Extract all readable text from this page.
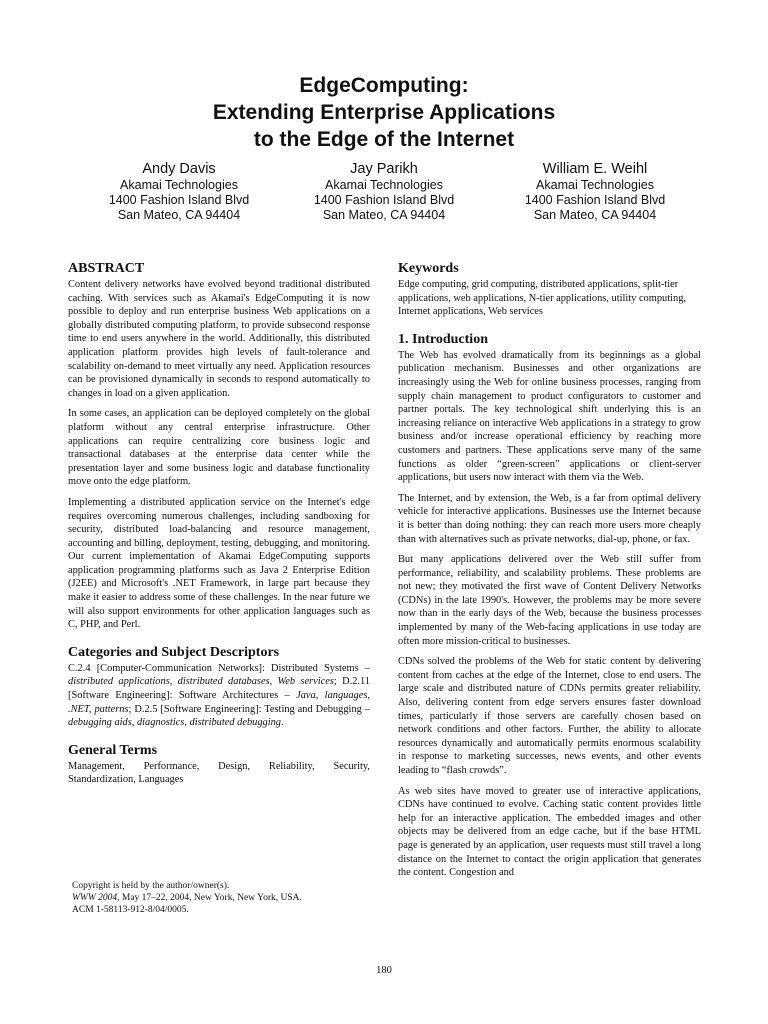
EdgeComputing:
Extending Enterprise Applications
to the Edge of the Internet
Andy Davis
Akamai Technologies
1400 Fashion Island Blvd
San Mateo, CA 94404
Jay Parikh
Akamai Technologies
1400 Fashion Island Blvd
San Mateo, CA 94404
William E. Weihl
Akamai Technologies
1400 Fashion Island Blvd
San Mateo, CA 94404
ABSTRACT

Content delivery networks have evolved beyond traditional distributed caching. With services such as Akamai's EdgeComputing it is now possible to deploy and run enterprise business Web applications on a globally distributed computing platform, to provide subsecond response time to end users anywhere in the world. Additionally, this distributed application platform provides high levels of fault-tolerance and scalability on-demand to meet virtually any need. Application resources can be provisioned dynamically in seconds to respond automatically to changes in load on a given application.

In some cases, an application can be deployed completely on the global platform without any central enterprise infrastructure. Other applications can require centralizing core business logic and transactional databases at the enterprise data center while the presentation layer and some business logic and database functionality move onto the edge platform.

Implementing a distributed application service on the Internet's edge requires overcoming numerous challenges, including sandboxing for security, distributed load-balancing and resource management, accounting and billing, deployment, testing, debugging, and monitoring. Our current implementation of Akamai EdgeComputing supports application programming platforms such as Java 2 Enterprise Edition (J2EE) and Microsoft's .NET Framework, in large part because they make it easier to address some of these challenges. In the near future we will also support environments for other application languages such as C, PHP, and Perl.

Categories and Subject Descriptors

C.2.4 [Computer-Communication Networks]: Distributed Systems – distributed applications, distributed databases, Web services; D.2.11 [Software Engineering]: Software Architectures – Java, languages, .NET, patterns; D.2.5 [Software Engineering]: Testing and Debugging – debugging aids, diagnostics, distributed debugging.

General Terms

Management, Performance, Design, Reliability, Security, Standardization, Languages

Copyright is held by the author/owner(s).
WWW 2004, May 17–22, 2004, New York, New York, USA.
ACM 1-58113-912-8/04/0005.
Keywords

Edge computing, grid computing, distributed applications, split-tier applications, web applications, N-tier applications, utility computing, Internet applications, Web services

1. Introduction

The Web has evolved dramatically from its beginnings as a global publication mechanism. Businesses and other organizations are increasingly using the Web for online business processes, ranging from supply chain management to product configurators to customer and partner portals. The key technological shift underlying this is an increasing reliance on interactive Web applications in a strategy to grow business and/or increase operational efficiency by reaching more customers and partners. These applications serve many of the same functions as older “green-screen” applications or client-server applications, but users now interact with them via the Web.

The Internet, and by extension, the Web, is a far from optimal delivery vehicle for interactive applications. Businesses use the Internet because it is better than doing nothing: they can reach more users more cheaply than with alternatives such as private networks, dial-up, phone, or fax.

But many applications delivered over the Web still suffer from performance, reliability, and scalability problems. These problems are not new; they motivated the first wave of Content Delivery Networks (CDNs) in the late 1990's. However, the problems may be more severe now than in the early days of the Web, because the business processes implemented by many of the Web-facing applications in use today are often more mission-critical to businesses.

CDNs solved the problems of the Web for static content by delivering content from caches at the edge of the Internet, close to end users. The large scale and distributed nature of CDNs permits greater reliability. Also, delivering content from edge servers ensures faster download times, particularly if those servers are carefully chosen based on network conditions and other factors. Further, the ability to allocate resources dynamically and automatically permits enormous scalability in response to marketing successes, news events, and other events leading to “flash crowds”.

As web sites have moved to greater use of interactive applications, CDNs have continued to evolve. Caching static content provides little help for an interactive application. The embedded images and other objects may be delivered from an edge cache, but if the base HTML page is generated by an application, user requests must still travel a long distance on the Internet to contact the origin application that generates the content. Congestion and

180
